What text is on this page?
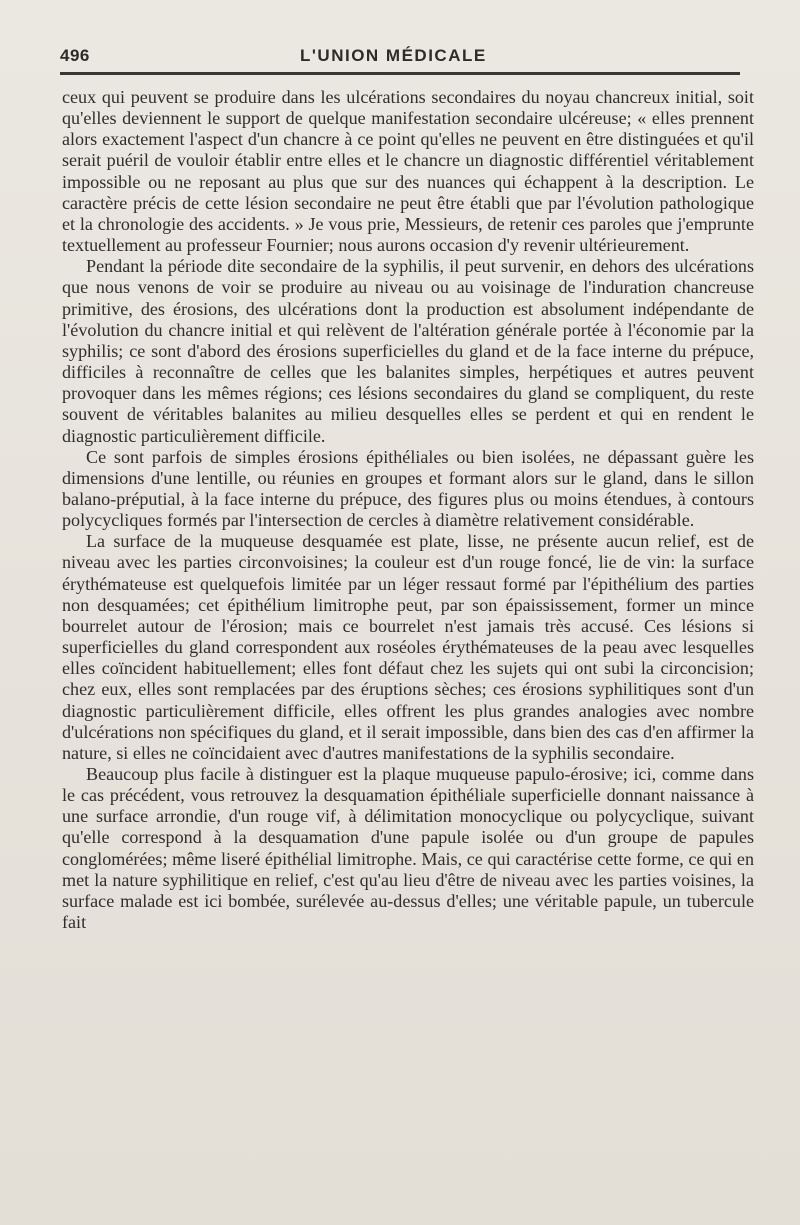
496	L'UNION MÉDICALE

ceux qui peuvent se produire dans les ulcérations secondaires du noyau chancreux initial, soit qu'elles deviennent le support de quelque manifestation secondaire ulcéreuse; « elles prennent alors exactement l'aspect d'un chancre à ce point qu'elles ne peuvent en être distinguées et qu'il serait puéril de vouloir établir entre elles et le chancre un diagnostic différentiel véritablement impossible ou ne reposant au plus que sur des nuances qui échappent à la description. Le caractère précis de cette lésion secondaire ne peut être établi que par l'évolution pathologique et la chronologie des accidents. » Je vous prie, Messieurs, de retenir ces paroles que j'emprunte textuellement au professeur Fournier; nous aurons occasion d'y revenir ultérieurement.

Pendant la période dite secondaire de la syphilis, il peut survenir, en dehors des ulcérations que nous venons de voir se produire au niveau ou au voisinage de l'induration chancreuse primitive, des érosions, des ulcérations dont la production est absolument indépendante de l'évolution du chancre initial et qui relèvent de l'altération générale portée à l'économie par la syphilis; ce sont d'abord des érosions superficielles du gland et de la face interne du prépuce, difficiles à reconnaître de celles que les balanites simples, herpétiques et autres peuvent provoquer dans les mêmes régions; ces lésions secondaires du gland se compliquent, du reste souvent de véritables balanites au milieu desquelles elles se perdent et qui en rendent le diagnostic particulièrement difficile.

Ce sont parfois de simples érosions épithéliales ou bien isolées, ne dépassant guère les dimensions d'une lentille, ou réunies en groupes et formant alors sur le gland, dans le sillon balano-préputial, à la face interne du prépuce, des figures plus ou moins étendues, à contours polycycliques formés par l'intersection de cercles à diamètre relativement considérable.

La surface de la muqueuse desquamée est plate, lisse, ne présente aucun relief, est de niveau avec les parties circonvoisines; la couleur est d'un rouge foncé, lie de vin: la surface érythémateuse est quelquefois limitée par un léger ressaut formé par l'épithélium des parties non desquamées; cet épithélium limitrophe peut, par son épaississement, former un mince bourrelet autour de l'érosion; mais ce bourrelet n'est jamais très accusé. Ces lésions si superficielles du gland correspondent aux roséoles érythémateuses de la peau avec lesquelles elles coïncident habituellement; elles font défaut chez les sujets qui ont subi la circoncision; chez eux, elles sont remplacées par des éruptions sèches; ces érosions syphilitiques sont d'un diagnostic particulièrement difficile, elles offrent les plus grandes analogies avec nombre d'ulcérations non spécifiques du gland, et il serait impossible, dans bien des cas d'en affirmer la nature, si elles ne coïncidaient avec d'autres manifestations de la syphilis secondaire.

Beaucoup plus facile à distinguer est la plaque muqueuse papulo-érosive; ici, comme dans le cas précédent, vous retrouvez la desquamation épithéliale superficielle donnant naissance à une surface arrondie, d'un rouge vif, à délimitation monocyclique ou polycyclique, suivant qu'elle correspond à la desquamation d'une papule isolée ou d'un groupe de papules conglomérées; même liseré épithélial limitrophe. Mais, ce qui caractérise cette forme, ce qui en met la nature syphilitique en relief, c'est qu'au lieu d'être de niveau avec les parties voisines, la surface malade est ici bombée, surélevée au-dessus d'elles; une véritable papule, un tubercule fait
